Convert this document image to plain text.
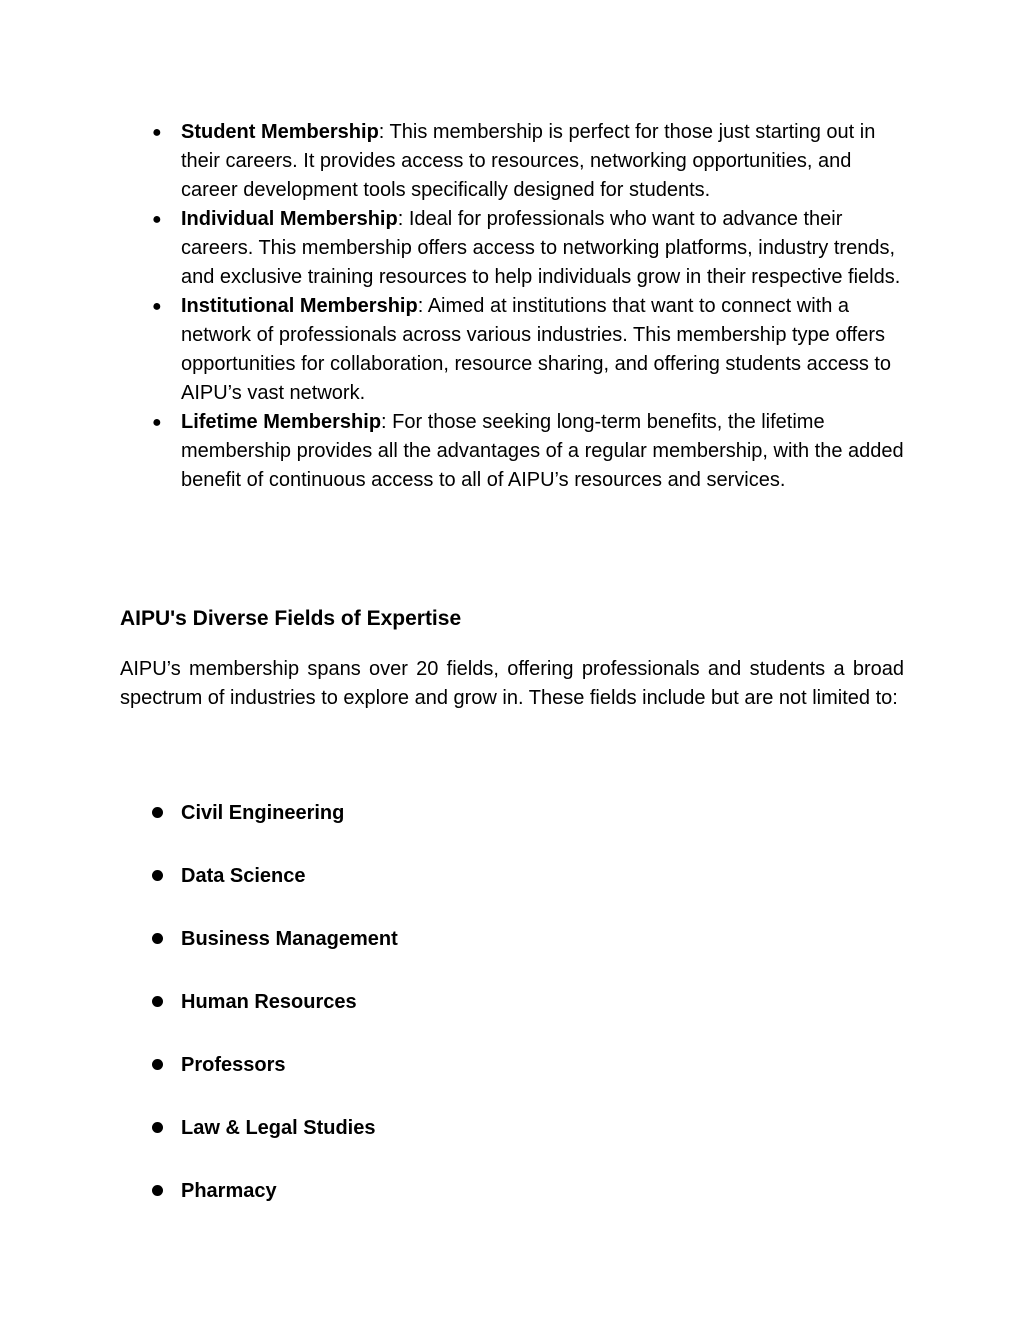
● Student Membership: This membership is perfect for those just starting out in their careers. It provides access to resources, networking opportunities, and career development tools specifically designed for students.
● Individual Membership: Ideal for professionals who want to advance their careers. This membership offers access to networking platforms, industry trends, and exclusive training resources to help individuals grow in their respective fields.
● Institutional Membership: Aimed at institutions that want to connect with a network of professionals across various industries. This membership type offers opportunities for collaboration, resource sharing, and offering students access to AIPU’s vast network.
● Lifetime Membership: For those seeking long-term benefits, the lifetime membership provides all the advantages of a regular membership, with the added benefit of continuous access to all of AIPU’s resources and services.
AIPU's Diverse Fields of Expertise

AIPU’s membership spans over 20 fields, offering professionals and students a broad spectrum of industries to explore and grow in. These fields include but are not limited to:

Civil Engineering
Data Science
Business Management
Human Resources
Professors
Law & Legal Studies
Pharmacy
